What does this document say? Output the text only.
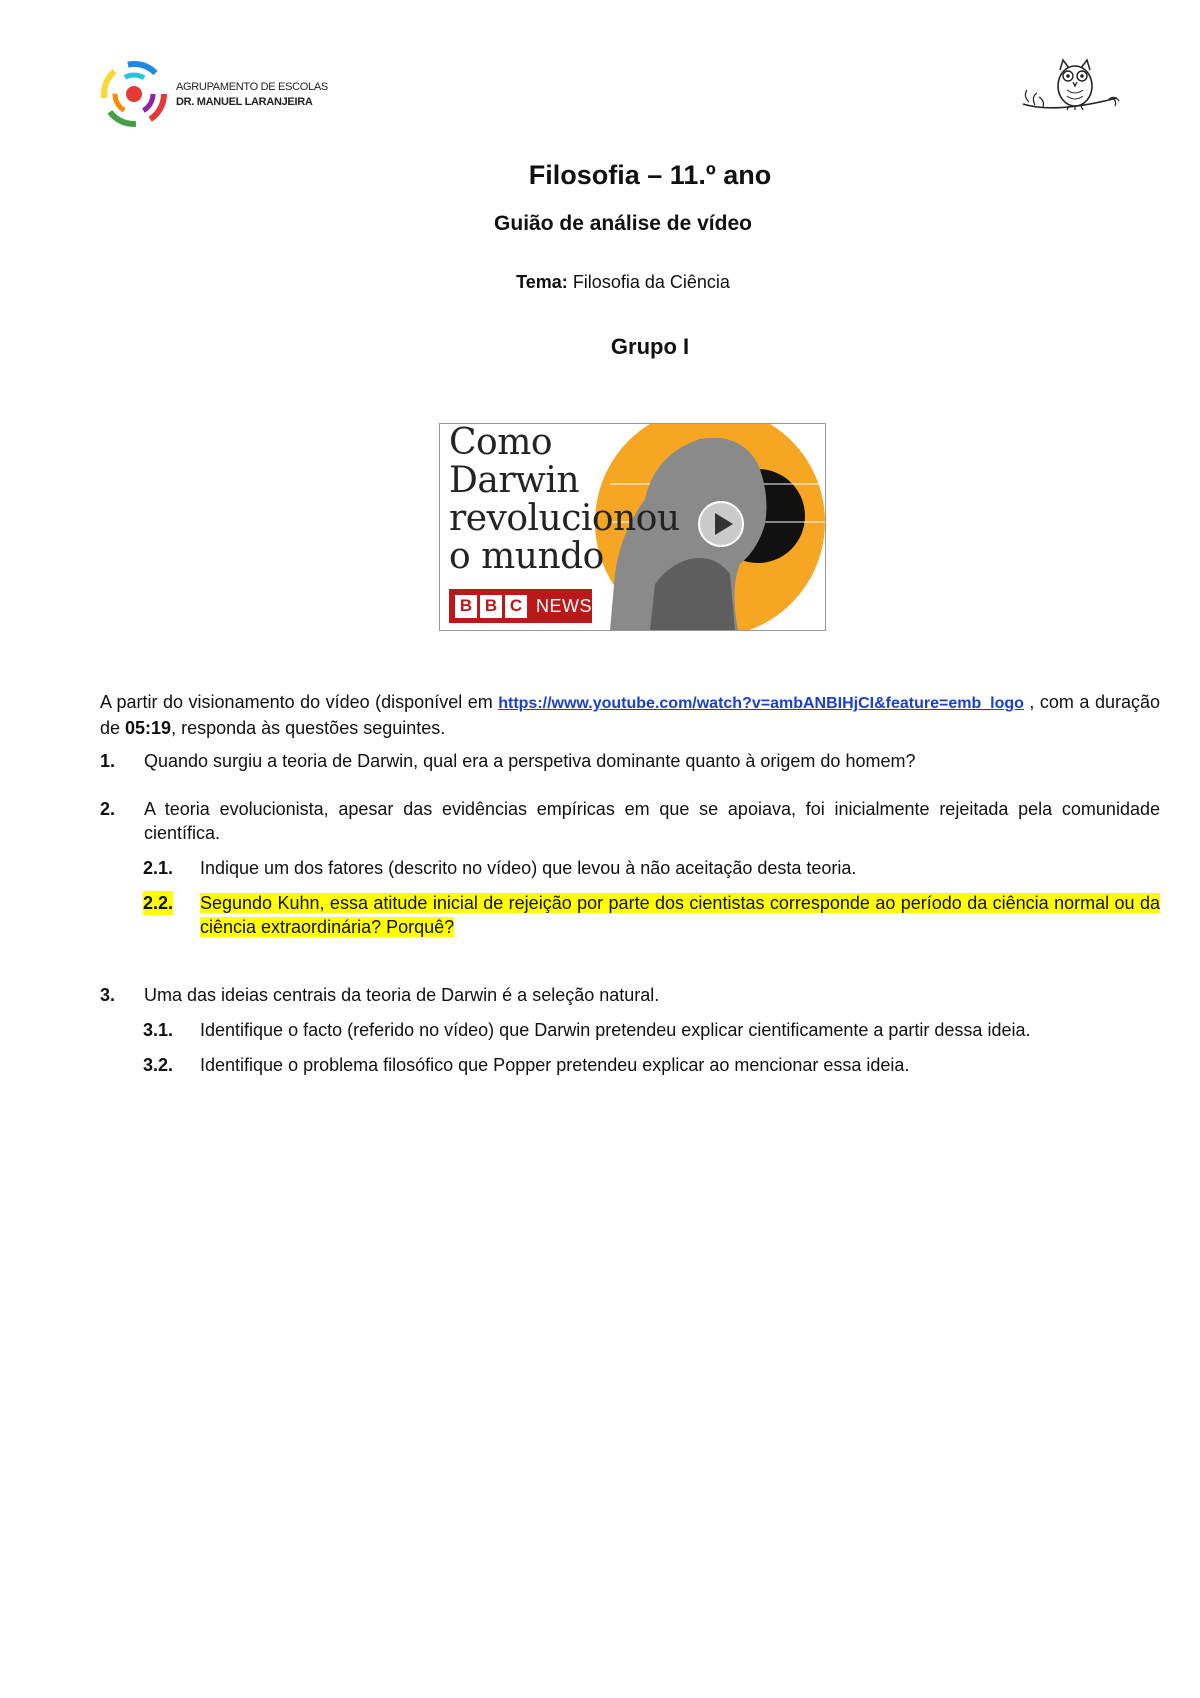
AGRUPAMENTO DE ESCOLAS
DR. MANUEL LARANJEIRA
Filosofia – 11.º ano
Guião de análise de vídeo
Tema: Filosofia da Ciência
Grupo I
Como
Darwin
revolucionou
o mundo
B B C NEWS
A partir do visionamento do vídeo (disponível em https://www.youtube.com/watch?v=ambANBIHjCI&feature=emb_logo , com a duração de 05:19, responda às questões seguintes.
1. Quando surgiu a teoria de Darwin, qual era a perspetiva dominante quanto à origem do homem?
2. A teoria evolucionista, apesar das evidências empíricas em que se apoiava, foi inicialmente rejeitada pela comunidade científica.
2.1. Indique um dos fatores (descrito no vídeo) que levou à não aceitação desta teoria.
2.2. Segundo Kuhn, essa atitude inicial de rejeição por parte dos cientistas corresponde ao período da ciência normal ou da ciência extraordinária? Porquê?
3. Uma das ideias centrais da teoria de Darwin é a seleção natural.
3.1. Identifique o facto (referido no vídeo) que Darwin pretendeu explicar cientificamente a partir dessa ideia.
3.2. Identifique o problema filosófico que Popper pretendeu explicar ao mencionar essa ideia.
